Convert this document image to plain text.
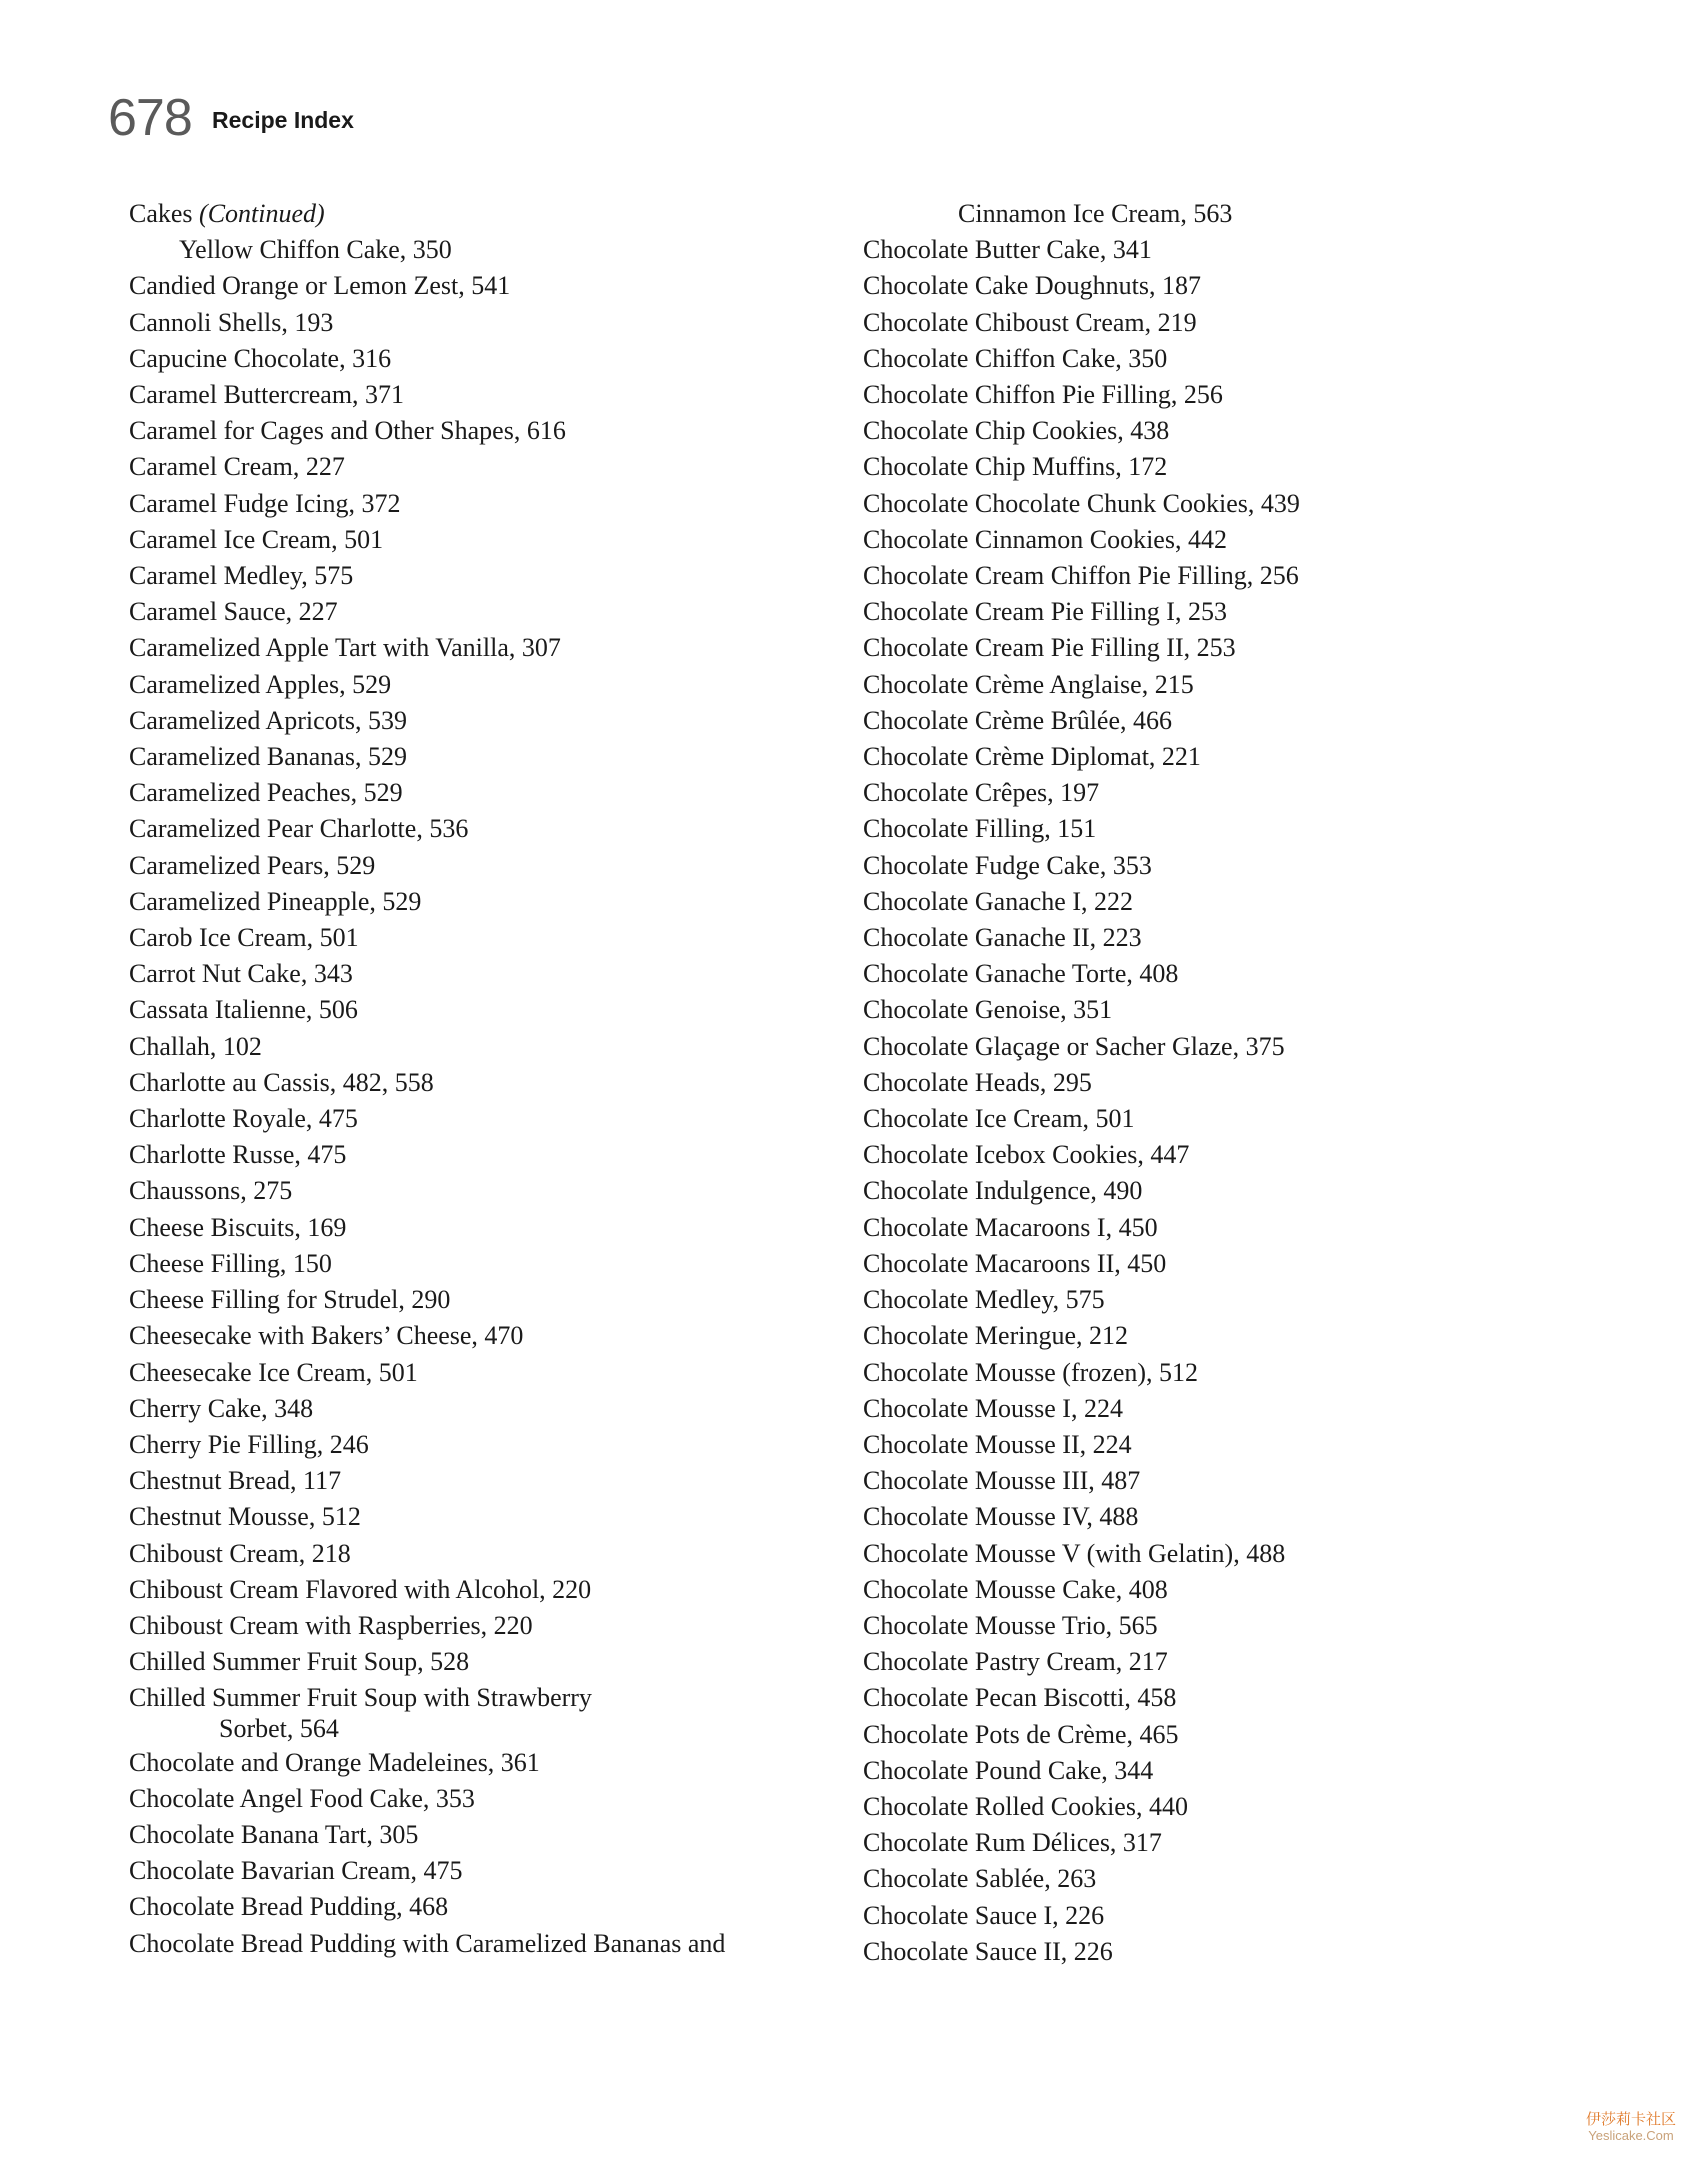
678 Recipe Index
Cakes (Continued)
Yellow Chiffon Cake, 350
Candied Orange or Lemon Zest, 541
Cannoli Shells, 193
Capucine Chocolate, 316
Caramel Buttercream, 371
Caramel for Cages and Other Shapes, 616
Caramel Cream, 227
Caramel Fudge Icing, 372
Caramel Ice Cream, 501
Caramel Medley, 575
Caramel Sauce, 227
Caramelized Apple Tart with Vanilla, 307
Caramelized Apples, 529
Caramelized Apricots, 539
Caramelized Bananas, 529
Caramelized Peaches, 529
Caramelized Pear Charlotte, 536
Caramelized Pears, 529
Caramelized Pineapple, 529
Carob Ice Cream, 501
Carrot Nut Cake, 343
Cassata Italienne, 506
Challah, 102
Charlotte au Cassis, 482, 558
Charlotte Royale, 475
Charlotte Russe, 475
Chaussons, 275
Cheese Biscuits, 169
Cheese Filling, 150
Cheese Filling for Strudel, 290
Cheesecake with Bakers’ Cheese, 470
Cheesecake Ice Cream, 501
Cherry Cake, 348
Cherry Pie Filling, 246
Chestnut Bread, 117
Chestnut Mousse, 512
Chiboust Cream, 218
Chiboust Cream Flavored with Alcohol, 220
Chiboust Cream with Raspberries, 220
Chilled Summer Fruit Soup, 528
Chilled Summer Fruit Soup with Strawberry
Sorbet, 564
Chocolate and Orange Madeleines, 361
Chocolate Angel Food Cake, 353
Chocolate Banana Tart, 305
Chocolate Bavarian Cream, 475
Chocolate Bread Pudding, 468
Chocolate Bread Pudding with Caramelized Bananas and
Cinnamon Ice Cream, 563
Chocolate Butter Cake, 341
Chocolate Cake Doughnuts, 187
Chocolate Chiboust Cream, 219
Chocolate Chiffon Cake, 350
Chocolate Chiffon Pie Filling, 256
Chocolate Chip Cookies, 438
Chocolate Chip Muffins, 172
Chocolate Chocolate Chunk Cookies, 439
Chocolate Cinnamon Cookies, 442
Chocolate Cream Chiffon Pie Filling, 256
Chocolate Cream Pie Filling I, 253
Chocolate Cream Pie Filling II, 253
Chocolate Crème Anglaise, 215
Chocolate Crème Brûlée, 466
Chocolate Crème Diplomat, 221
Chocolate Crêpes, 197
Chocolate Filling, 151
Chocolate Fudge Cake, 353
Chocolate Ganache I, 222
Chocolate Ganache II, 223
Chocolate Ganache Torte, 408
Chocolate Genoise, 351
Chocolate Glaçage or Sacher Glaze, 375
Chocolate Heads, 295
Chocolate Ice Cream, 501
Chocolate Icebox Cookies, 447
Chocolate Indulgence, 490
Chocolate Macaroons I, 450
Chocolate Macaroons II, 450
Chocolate Medley, 575
Chocolate Meringue, 212
Chocolate Mousse (frozen), 512
Chocolate Mousse I, 224
Chocolate Mousse II, 224
Chocolate Mousse III, 487
Chocolate Mousse IV, 488
Chocolate Mousse V (with Gelatin), 488
Chocolate Mousse Cake, 408
Chocolate Mousse Trio, 565
Chocolate Pastry Cream, 217
Chocolate Pecan Biscotti, 458
Chocolate Pots de Crème, 465
Chocolate Pound Cake, 344
Chocolate Rolled Cookies, 440
Chocolate Rum Délices, 317
Chocolate Sablée, 263
Chocolate Sauce I, 226
Chocolate Sauce II, 226
伊莎莉卡社区
Yeslicake.Com
